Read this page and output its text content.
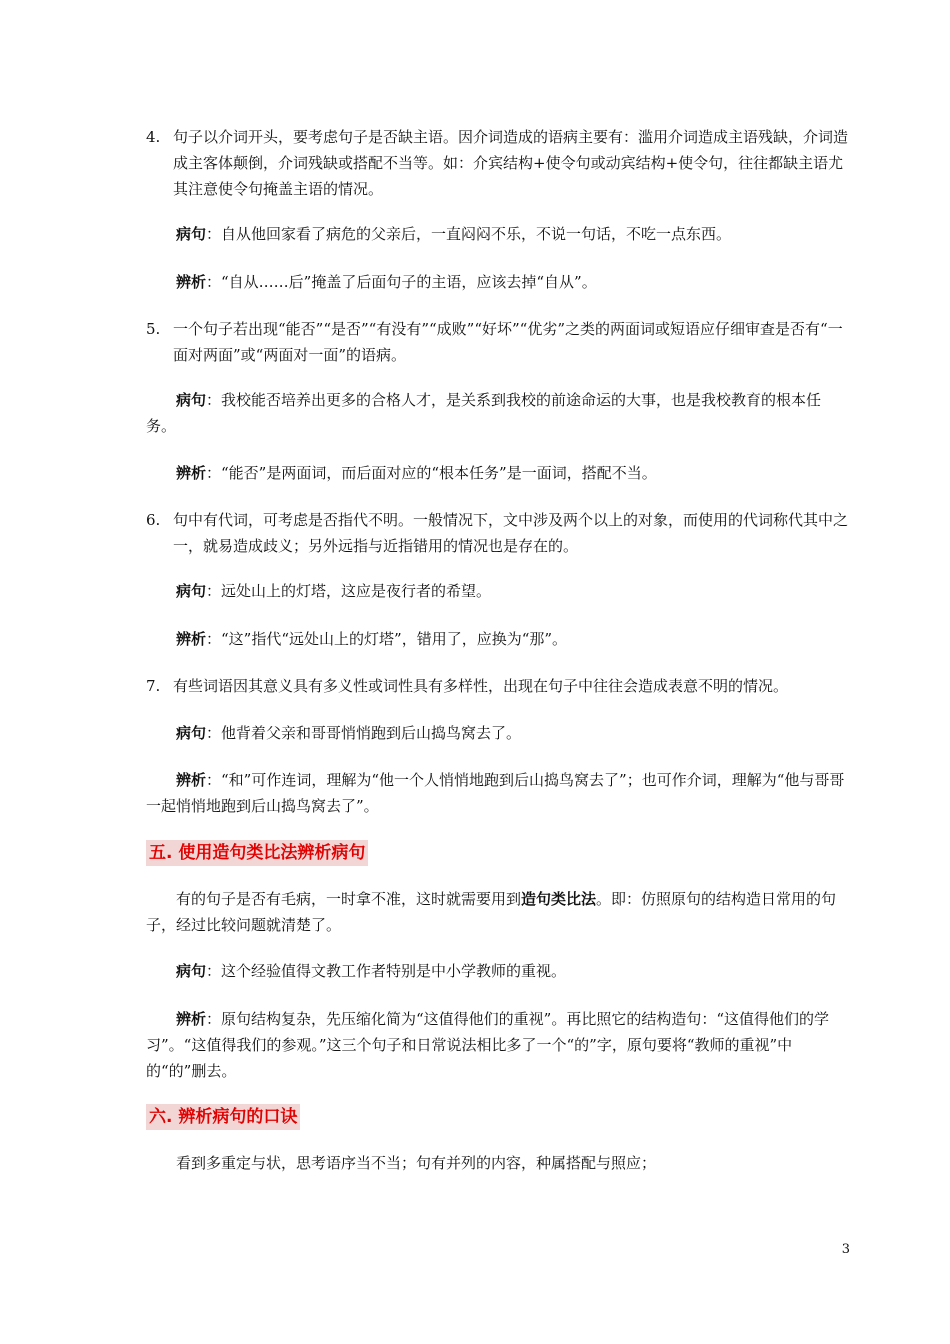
4. 句子以介词开头，要考虑句子是否缺主语。因介词造成的语病主要有：滥用介词造成主语残缺，介词造成主客体颠倒，介词残缺或搭配不当等。如：介宾结构+使令句或动宾结构+使令句，往往都缺主语尤其注意使令句掩盖主语的情况。

病句：自从他回家看了病危的父亲后，一直闷闷不乐，不说一句话，不吃一点东西。

辨析：“自从……后”掩盖了后面句子的主语，应该去掉“自从”。

5. 一个句子若出现“能否”“是否”“有没有”“成败”“好坏”“优劣”之类的两面词或短语应仔细审查是否有“一面对两面”或“两面对一面”的语病。

病句：我校能否培养出更多的合格人才，是关系到我校的前途命运的大事，也是我校教育的根本任务。

辨析：“能否”是两面词，而后面对应的“根本任务”是一面词，搭配不当。

6. 句中有代词，可考虑是否指代不明。一般情况下，文中涉及两个以上的对象，而使用的代词称代其中之一，就易造成歧义；另外远指与近指错用的情况也是存在的。

病句：远处山上的灯塔，这应是夜行者的希望。

辨析：“这”指代“远处山上的灯塔”，错用了，应换为“那”。

7. 有些词语因其意义具有多义性或词性具有多样性，出现在句子中往往会造成表意不明的情况。

病句：他背着父亲和哥哥悄悄跑到后山捣鸟窝去了。

辨析：“和”可作连词，理解为“他一个人悄悄地跑到后山捣鸟窝去了”；也可作介词，理解为“他与哥哥一起悄悄地跑到后山捣鸟窝去了”。

五. 使用造句类比法辨析病句

有的句子是否有毛病，一时拿不准，这时就需要用到造句类比法。即：仿照原句的结构造日常用的句子，经过比较问题就清楚了。

病句：这个经验值得文教工作者特别是中小学教师的重视。

辨析：原句结构复杂，先压缩化简为“这值得他们的重视”。再比照它的结构造句：“这值得他们的学习”。“这值得我们的参观。”这三个句子和日常说法相比多了一个“的”字，原句要将“教师的重视”中的“的”删去。

六. 辨析病句的口诀

看到多重定与状，思考语序当不当；句有并列的内容，种属搭配与照应；

3
